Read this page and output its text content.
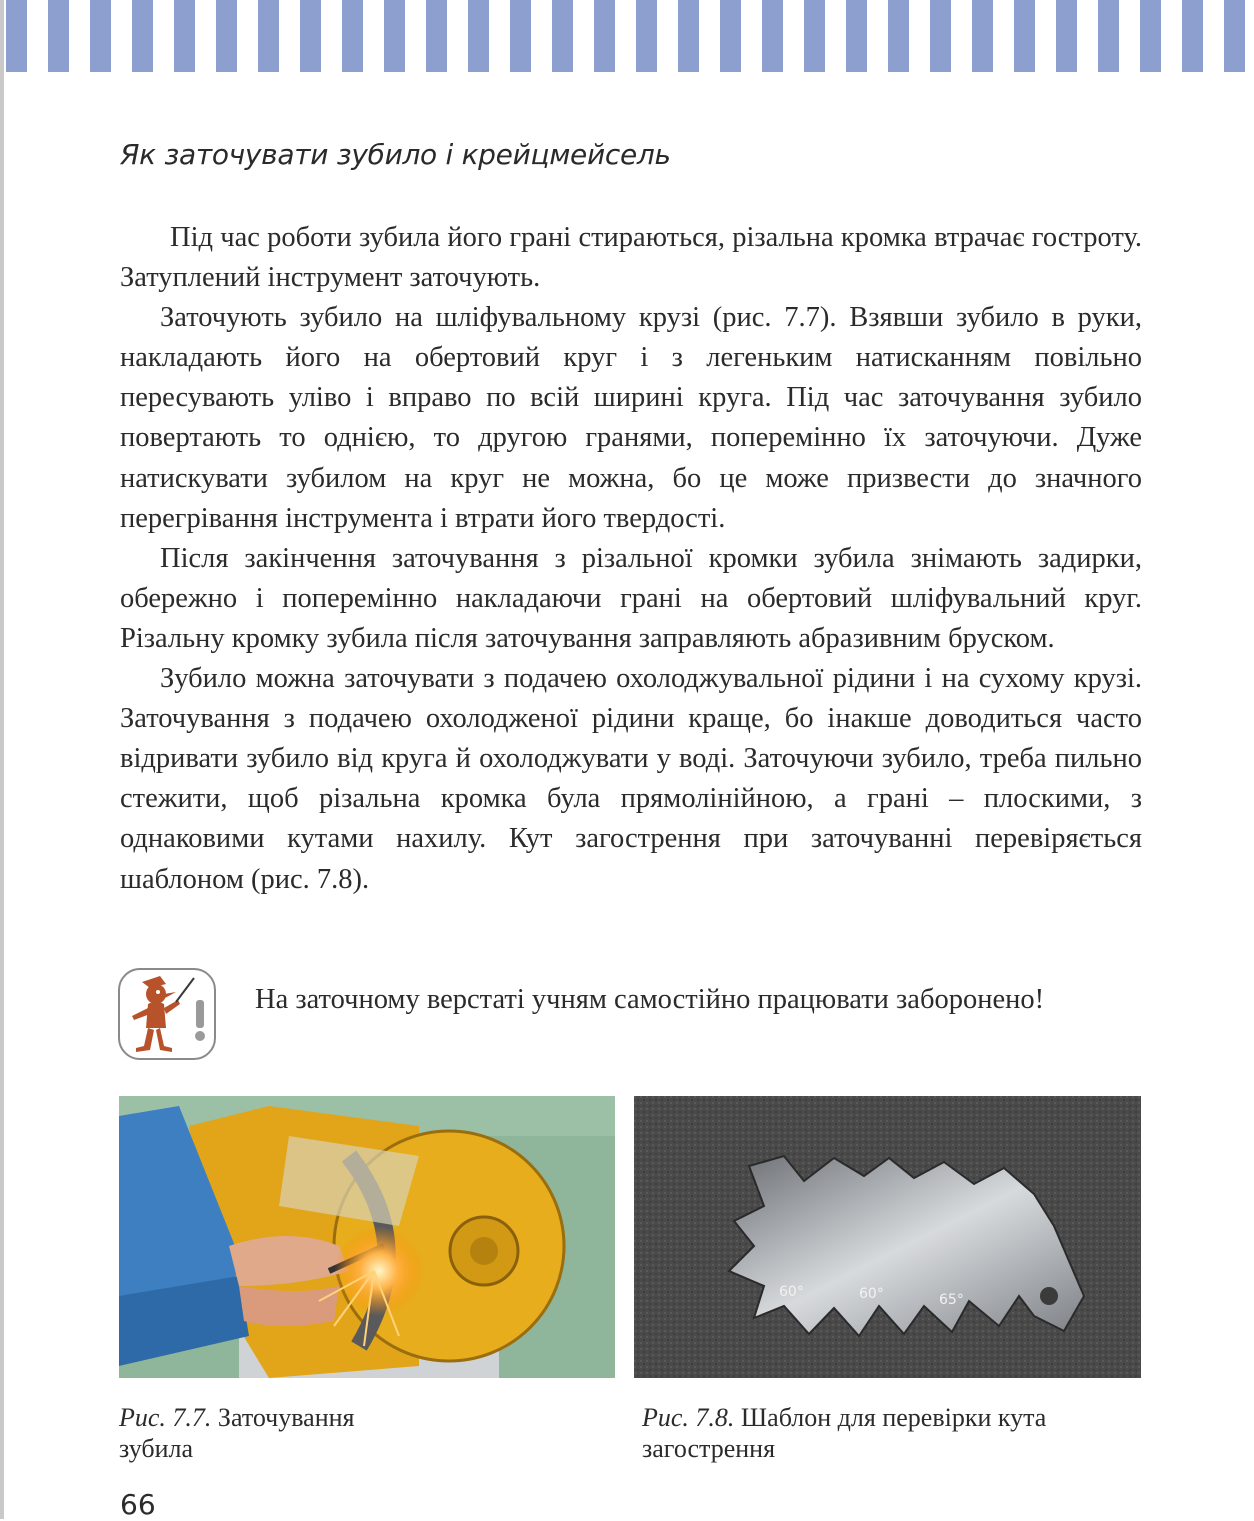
Як заточувати зубило і крейцмейсель

Під час роботи зубила його грані стираються, різальна кромка втрачає гостроту. Затуплений інструмент заточують.

Заточують зубило на шліфувальному крузі (рис. 7.7). Взявши зубило в руки, накладають його на обертовий круг і з легеньким натисканням повільно пересувають уліво і вправо по всій ширині круга. Під час заточування зубило повертають то однією, то другою гранями, поперемінно їх заточуючи. Дуже натискувати зубилом на круг не можна, бо це може призвести до значного перегрівання інструмента і втрати його твердості.

Після закінчення заточування з різальної кромки зубила знімають задирки, обережно і поперемінно накладаючи грані на обертовий шліфувальний круг. Різальну кромку зубила після заточування заправляють абразивним бруском.

Зубило можна заточувати з подачею охолоджувальної рідини і на сухому крузі. Заточування з подачею охолодженої рідини краще, бо інакше доводиться часто відривати зубило від круга й охолоджувати у воді. Заточуючи зубило, треба пильно стежити, щоб різальна кромка була прямолінійною, а грані – плоскими, з однаковими кутами нахилу. Кут загострення при заточуванні перевіряється шаблоном (рис. 7.8).

На заточному верстаті учням самостійно працювати заборонено!
60°	60°	65°
Рис. 7.7. Заточування зубила
Рис. 7.8. Шаблон для перевірки кута загострення
66
